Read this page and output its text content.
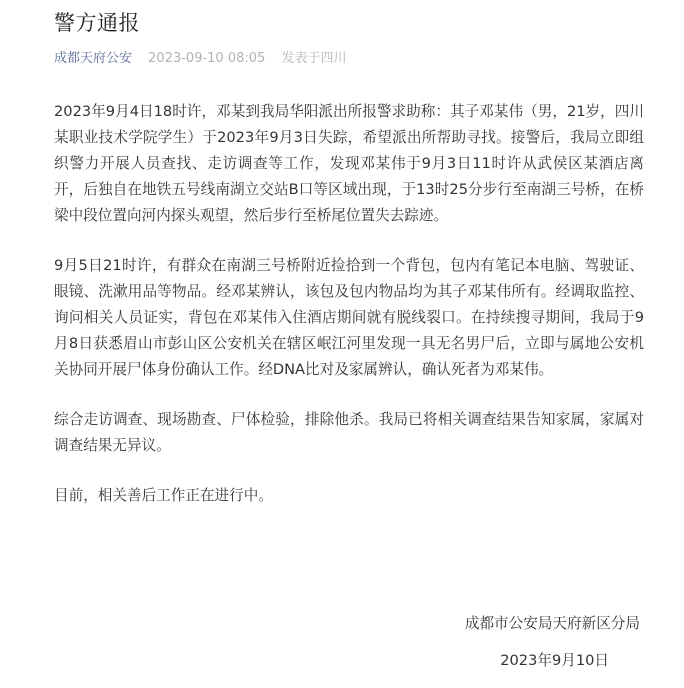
警方通报
成都天府公安 2023-09-10 08:05 发表于四川

2023年9月4日18时许，邓某到我局华阳派出所报警求助称：其子邓某伟（男，21岁，四川某职业技术学院学生）于2023年9月3日失踪，希望派出所帮助寻找。接警后，我局立即组织警力开展人员查找、走访调查等工作，发现邓某伟于9月3日11时许从武侯区某酒店离开，后独自在地铁五号线南湖立交站B口等区域出现，于13时25分步行至南湖三号桥，在桥梁中段位置向河内探头观望，然后步行至桥尾位置失去踪迹。

9月5日21时许，有群众在南湖三号桥附近捡拾到一个背包，包内有笔记本电脑、驾驶证、眼镜、洗漱用品等物品。经邓某辨认，该包及包内物品均为其子邓某伟所有。经调取监控、询问相关人员证实，背包在邓某伟入住酒店期间就有脱线裂口。在持续搜寻期间，我局于9月8日获悉眉山市彭山区公安机关在辖区岷江河里发现一具无名男尸后，立即与属地公安机关协同开展尸体身份确认工作。经DNA比对及家属辨认，确认死者为邓某伟。

综合走访调查、现场勘查、尸体检验，排除他杀。我局已将相关调查结果告知家属，家属对调查结果无异议。

目前，相关善后工作正在进行中。

成都市公安局天府新区分局
2023年9月10日
